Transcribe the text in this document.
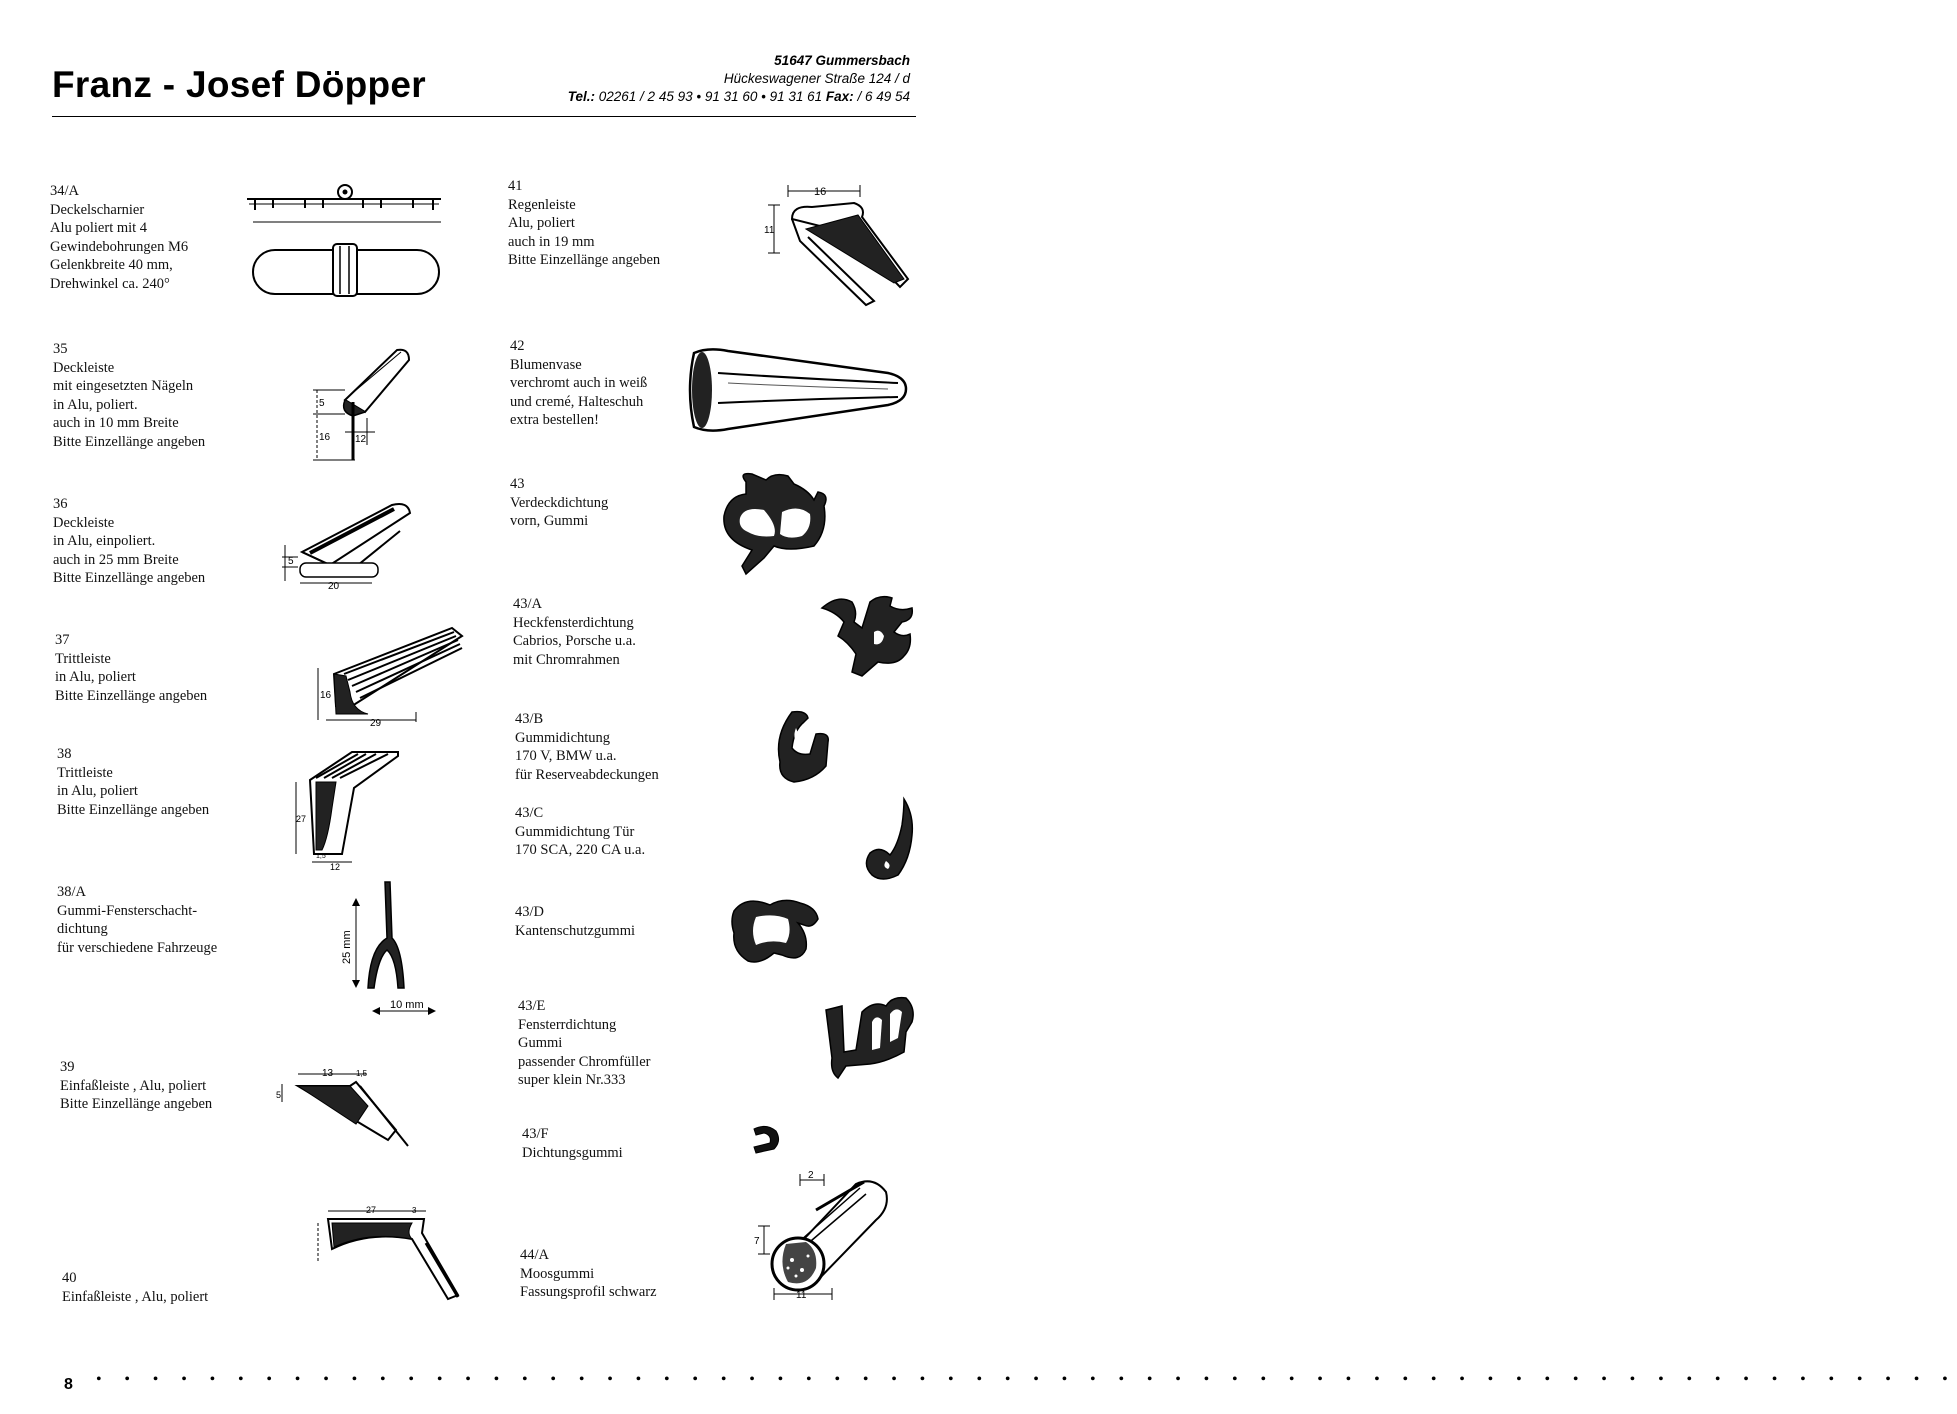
Franz - Josef Döpper
51647 Gummersbach
Hückeswagener Straße 124 / d
Tel.: 02261 / 2 45 93 • 91 31 60 • 91 31 61 Fax: / 6 49 54
34/A
Deckelscharnier
Alu poliert mit 4
Gewindebohrungen M6
Gelenkbreite 40 mm,
Drehwinkel ca. 240°
35
Deckleiste
mit eingesetzten Nägeln
in Alu, poliert.
auch in 10 mm Breite
Bitte Einzellänge angeben
36
Deckleiste
in Alu, einpoliert.
auch in 25 mm Breite
Bitte Einzellänge angeben
37
Trittleiste
in Alu, poliert
Bitte Einzellänge angeben
38
Trittleiste
in Alu, poliert
Bitte Einzellänge angeben
38/A
Gummi-Fensterschacht-
dichtung
für verschiedene Fahrzeuge
39
Einfaßleiste , Alu, poliert
Bitte Einzellänge angeben
40
Einfaßleiste , Alu, poliert
41
Regenleiste
Alu, poliert
auch in 19 mm
Bitte Einzellänge angeben
42
Blumenvase
verchromt auch in weiß
und cremé, Halteschuh
extra bestellen!
43
Verdeckdichtung
vorn, Gummi
43/A
Heckfensterdichtung
Cabrios, Porsche u.a.
mit Chromrahmen
43/B
Gummidichtung
170 V, BMW u.a.
für Reserveabdeckungen
43/C
Gummidichtung Tür
170 SCA, 220 CA u.a.
43/D
Kantenschutzgummi
43/E
Fensterrdichtung
Gummi
passender Chromfüller
super klein Nr.333
43/F
Dichtungsgummi
44/A
Moosgummi
Fassungsprofil schwarz
5
16 12
5
20
16
29
27
12
1,5
25 mm
10 mm
13	1,5
5
27	3
16
11
2
7
11
8 • • • • • • • • • • • • • • • • • • • • • • • • • • • • • • • • • • • • • • • • • • • • • • • • • • • • • • • • • • • • • • • • • •
